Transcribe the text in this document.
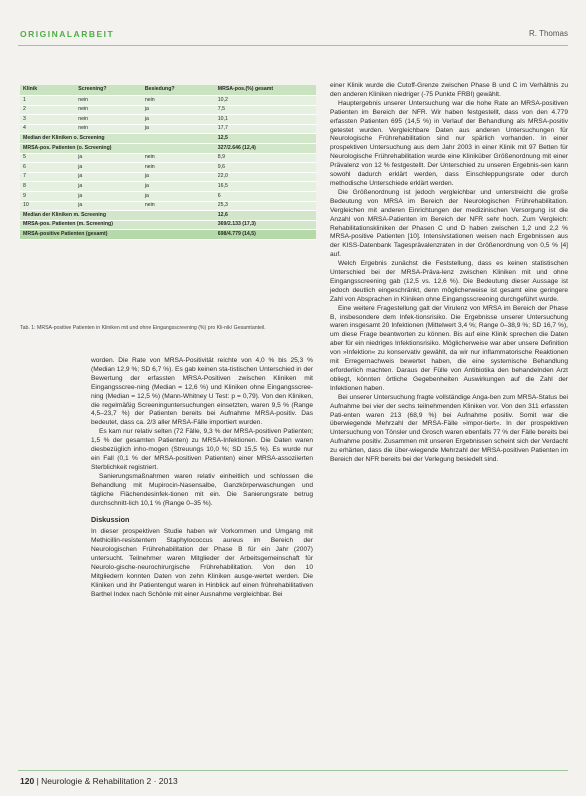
ORIGINALARBEIT	R. Thomas
Klinik	Screening?	Besiedung?	MRSA-pos.(%) gesamt
1	nein	nein	10,2
2	nein	ja	7,5
3	nein	ja	10,1
4	nein	ja	17,7
Median der Kliniken o. Screening			12,5
MRSA-pos. Patienten (o. Screening)			327/2.646 (12,4)
5	ja	nein	8,9
6	ja	nein	9,6
7	ja	ja	22,0
8	ja	ja	16,5
9	ja	ja	6
10	ja	nein	25,3
Median der Kliniken m. Screening			12,6
MRSA-pos. Patienten (m. Screening)			369/2.133 (17,3)
MRSA-positive Patienten (gesamt)			698/4.779 (14,5)
Tab. 1: MRSA-positive Patienten in Kliniken mit und ohne Eingangsscreening (%) pro Kli-nik/ Gesamtanteil.

worden. Die Rate von MRSA-Positivität reichte von 4,0 % bis 25,3 % (Median 12,9 %; SD 6,7 %). Es gab keinen sta-tistischen Unterschied in der Bewertung der erfassten MRSA-Positiven zwischen Kliniken mit Eingangsscree-ning (Median = 12,6 %) und Kliniken ohne Eingangsscree-ning (Median = 12,5 %) (Mann-Whitney U Test: p = 0,79). Von den Kliniken, die regelmäßig Screeninguntersuchungen einsetzten, waren 9,5 % (Range 4,5–23,7 %) der Patienten bereits bei Aufnahme MRSA-positiv. Das bedeutet, dass ca. 2/3 aller MRSA-Fälle importiert wurden.

Es kam nur relativ selten (72 Fälle, 9,3 % der MRSA-positiven Patienten; 1,5 % der gesamten Patienten) zu MRSA-Infektionen. Die Daten waren diesbezüglich inho-mogen (Streuungs 10,0 %; SD 15,5 %). Es wurde nur ein Fall (0,1 % der MRSA-positiven Patienten) einer MRSA-assoziierten Sterblichkeit registriert.

Sanierungsmaßnahmen waren relativ einheitlich und schlossen die Behandlung mit Mupirocin-Nasensalbe, Ganzkörperwaschungen und tägliche Flächendesinfek-tionen mit ein. Die Sanierungsrate betrug durchschnitt-lich 10,1 % (Range 0–35 %).

Diskussion

In dieser prospektiven Studie haben wir Vorkommen und Umgang mit Methicillin-resistentem Staphylococcus aureus im Bereich der Neurologischen Frührehabilitation der Phase B für ein Jahr (2007) untersucht. Teilnehmer waren Mitglieder der Arbeitsgemeinschaft für Neurolo-gische-neurochirurgische Frührehabilitation. Von den 10 Mitgliedern konnten Daten von zehn Kliniken ausge-wertet werden. Die Kliniken und ihr Patientengut waren in Hinblick auf einen frührehabilitativen Barthel Index nach Schönle mit einer Ausnahme vergleichbar. Bei

einer Klinik wurde die Cutoff-Grenze zwischen Phase B und C im Verhältnis zu den anderen Kliniken niedriger (-75 Punkte FRBI) gewählt.

Hauptergebnis unserer Untersuchung war die hohe Rate an MRSA-positiven Patienten im Bereich der NFR. Wir haben festgestellt, dass von den 4.779 erfassten Patienten 695 (14,5 %) in Verlauf der Behandlung als MRSA-positiv getestet wurden. Vergleichbare Daten aus anderen Untersuchungen für Neurologische Frührehabilitation sind nur spärlich vorhanden. In einer prospektiven Untersuchung aus dem Jahr 2003 in einer Klinik mit 97 Betten für Neurologische Frührehabilitation wurde eine Kliniküber Größenordnung mit einer Prävalenz von 12 % festgestellt. Der Unterschied zu unseren Ergebnis-sen kann sowohl dadurch erklärt werden, dass Einschleppungsrate oder durch methodische Unterschiede erklärt werden.

Die Größenordnung ist jedoch vergleichbar und unterstreicht die große Bedeutung von MRSA im Bereich der Neurologischen Frührehabilitation. Vergleichen mit anderen Einrichtungen der medizinischen Versorgung ist die Anzahl von MRSA-Patienten im Bereich der NFR sehr hoch. Zum Vergleich: Rehabilitationskliniken der Phasen C und D haben zwischen 1,2 und 2,2 % MRSA-positive Patienten [10]. Intensivstationen weisen nach Ergebnissen aus der KISS-Datenbank Tagesprävalenzraten in der Größenordnung von 0,5 % [4] auf.

Welch Ergebnis zunächst die Feststellung, dass es keinen statistischen Unterschied bei der MRSA-Präva-lenz zwischen Kliniken mit und ohne Eingangsscreening gab (12,5 vs. 12,6 %). Die Bedeutung dieser Aussage ist jedoch deutlich eingeschränkt, denn möglicherweise ist gesamt eine geringere Zahl von Absprachen in Kliniken ohne Eingangsscreening durchgeführt wurde.

Eine weitere Fragestellung galt der Virulenz von MRSA im Bereich der Phase B, insbesondere dem Infek-tionsrisiko. Die Ergebnisse unserer Untersuchung waren insgesamt 20 Infektionen (Mittelwert 3,4 %; Range 0–38,9 %; SD 16,7 %), um diese Frage beantworten zu können. Bis auf eine Klinik sprechen die Daten aber für ein niedriges Infektionsrisiko. Möglicherweise war aber unsere Definition von »Infektion« zu konservativ gewählt, da wir nur inflammatorische Reaktionen mit Erregernachweis bewertet haben, die eine systemische Behandlung erforderlich machten. Daraus der Fülle von Antibiotika den behandelnden Arzt obliegt, könnten örtliche Gegebenheiten Auswirkungen auf die Zahl der Infektionen haben.

Bei unserer Untersuchung fragte vollständige Anga-ben zum MRSA-Status bei Aufnahme bei vier der sechs teilnehmenden Kliniken vor. Von den 311 erfassten Pati-enten waren 213 (68,9 %) bei Aufnahme positiv. Somit war die überwiegende Mehrzahl der MRSA-Fälle »impor-tiert«. In der prospektiven Untersuchung von Tönsler und Grosch waren ebenfalls 77 % der Fälle bereits bei Aufnahme positiv. Zusammen mit unseren Ergebnissen scheint sich der Verdacht zu erhärten, dass die über-wiegende Mehrzahl der MRSA-positiven Patienten im Bereich der NFR bereits bei der Verlegung besiedelt sind.

120 | Neurologie & Rehabilitation 2 · 2013
